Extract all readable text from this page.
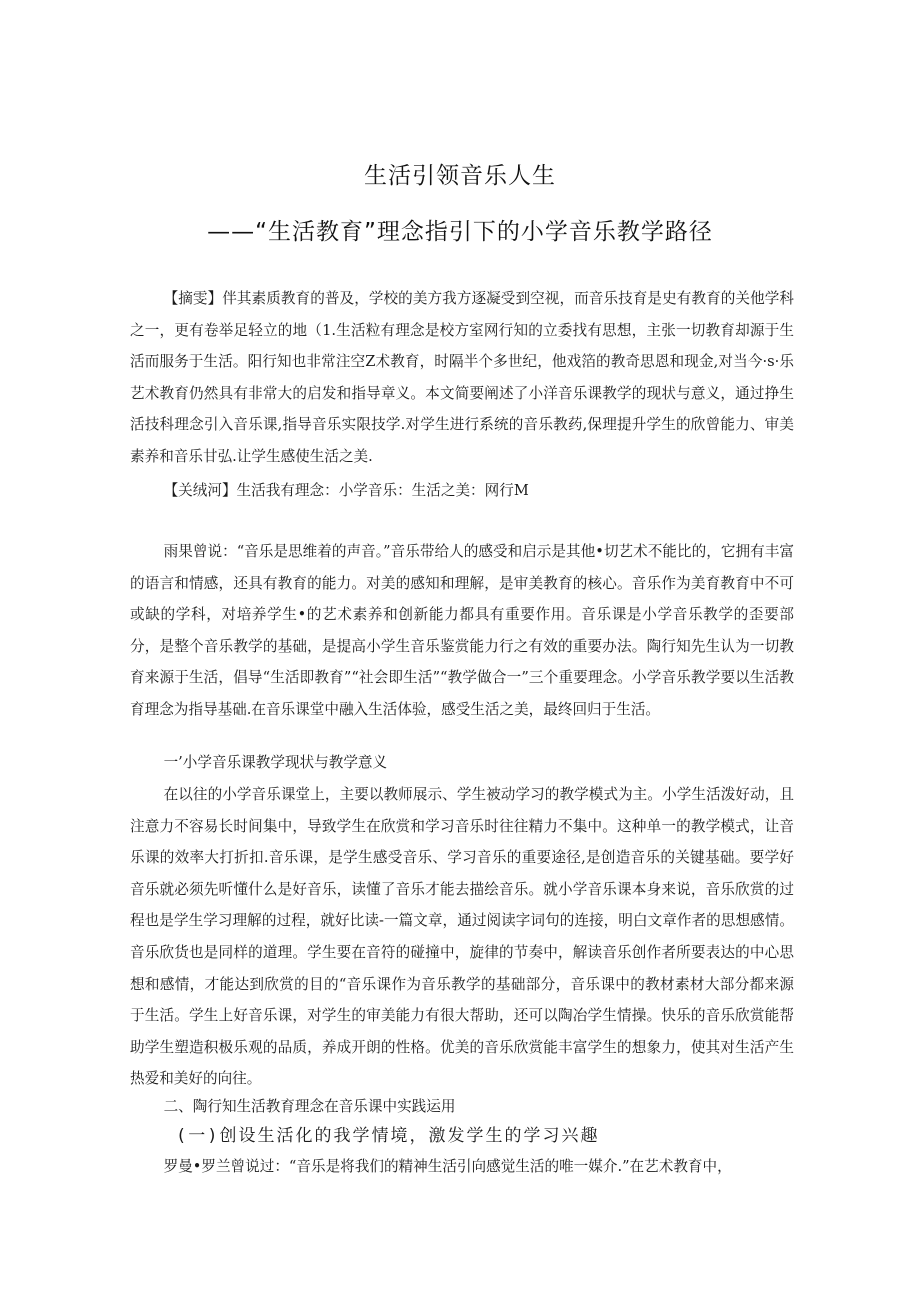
生活引领音乐人生
——“生活教育”理念指引下的小学音乐教学路径

【摘雯】伴其素质教育的普及，学校的美方我方逐凝受到空视，而音乐技育是史有教育的关他学科之一，更有卷举足轻立的地（1.生活粒有理念是校方室网行知的立委找有思想，主张一切教育却源于生活而服务于生活。阳行知也非常注空Z术教育，时隔半个多世纪，他戏箔的教奇思恩和现金,对当今·s·乐艺术教育仍然具有非常大的启发和指导章义。本文简要阐述了小洋音乐课教学的现状与意义，通过挣生活技科理念引入音乐课,指导音乐实限技学.对学生进行系统的音乐教药,保理提升学生的欣曾能力、审美素养和音乐甘弘.让学生感使生活之美.

【关绒河】生活我有理念：小学音乐：生活之美：网行M

雨果曾说：“音乐是思维着的声音。”音乐带给人的感受和启示是其他•切艺术不能比的，它拥有丰富的语言和情感，还具有教育的能力。对美的感知和理解，是审美教育的核心。音乐作为美育教育中不可或缺的学科，对培养学生•的艺术素养和创新能力都具有重要作用。音乐课是小学音乐教学的歪要部分，是整个音乐教学的基础，是提高小学生音乐鉴赏能力行之有效的重要办法。陶行知先生认为一切教育来源于生活，倡导“生活即教育”“社会即生活”“教学做合一”三个重要理念。小学音乐教学要以生活教育理念为指导基础.在音乐课堂中融入生活体验，感受生活之美，最终回归于生活。

一’小学音乐课教学现状与教学意义

在以往的小学音乐课堂上，主要以教师展示、学生被动学习的教学模式为主。小学生活泼好动，且注意力不容易长时间集中，导致学生在欣赏和学习音乐时往往精力不集中。这种单一的教学模式，让音乐课的效率大打折扣.音乐课，是学生感受音乐、学习音乐的重要途径,是创造音乐的关键基础。要学好音乐就必须先听懂什么是好音乐，读懂了音乐才能去描绘音乐。就小学音乐课本身来说，音乐欣赏的过程也是学生学习理解的过程，就好比读-一篇文章，通过阅读字词句的连接，明白文章作者的思想感情。音乐欣货也是同样的道理。学生要在音符的碰撞中，旋律的节奏中，解读音乐创作者所要表达的中心思想和感情，才能达到欣赏的目的“音乐课作为音乐教学的基础部分，音乐课中的教材素材大部分都来源于生活。学生上好音乐课，对学生的审美能力有很大帮助，还可以陶冶学生情操。快乐的音乐欣赏能帮助学生塑造积极乐观的品质，养成开朗的性格。优美的音乐欣赏能丰富学生的想象力，使其对生活产生热爱和美好的向往。

二、陶行知生活教育理念在音乐课中实践运用

(一)创设生活化的我学情境，激发学生的学习兴趣

罗曼•罗兰曾说过：“音乐是将我们的精神生活引向感觉生活的唯一媒介.”在艺术教育中，
